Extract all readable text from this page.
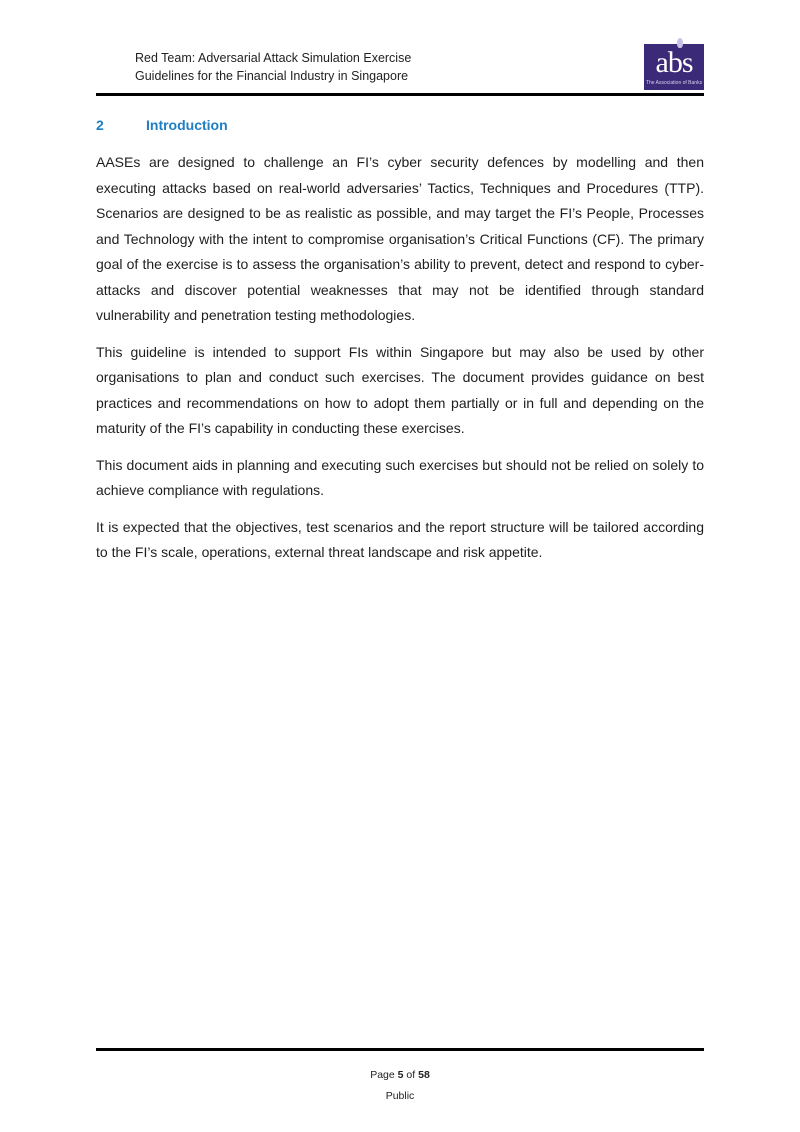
Red Team: Adversarial Attack Simulation Exercise
Guidelines for the Financial Industry in Singapore	abs
The Association of Banks
2	Introduction

AASEs are designed to challenge an FI’s cyber security defences by modelling and then executing attacks based on real-world adversaries’ Tactics, Techniques and Procedures (TTP). Scenarios are designed to be as realistic as possible, and may target the FI’s People, Processes and Technology with the intent to compromise organisation’s Critical Functions (CF). The primary goal of the exercise is to assess the organisation’s ability to prevent, detect and respond to cyber-attacks and discover potential weaknesses that may not be identified through standard vulnerability and penetration testing methodologies.

This guideline is intended to support FIs within Singapore but may also be used by other organisations to plan and conduct such exercises. The document provides guidance on best practices and recommendations on how to adopt them partially or in full and depending on the maturity of the FI’s capability in conducting these exercises.

This document aids in planning and executing such exercises but should not be relied on solely to achieve compliance with regulations.

It is expected that the objectives, test scenarios and the report structure will be tailored according to the FI’s scale, operations, external threat landscape and risk appetite.

Page 5 of 58
Public
